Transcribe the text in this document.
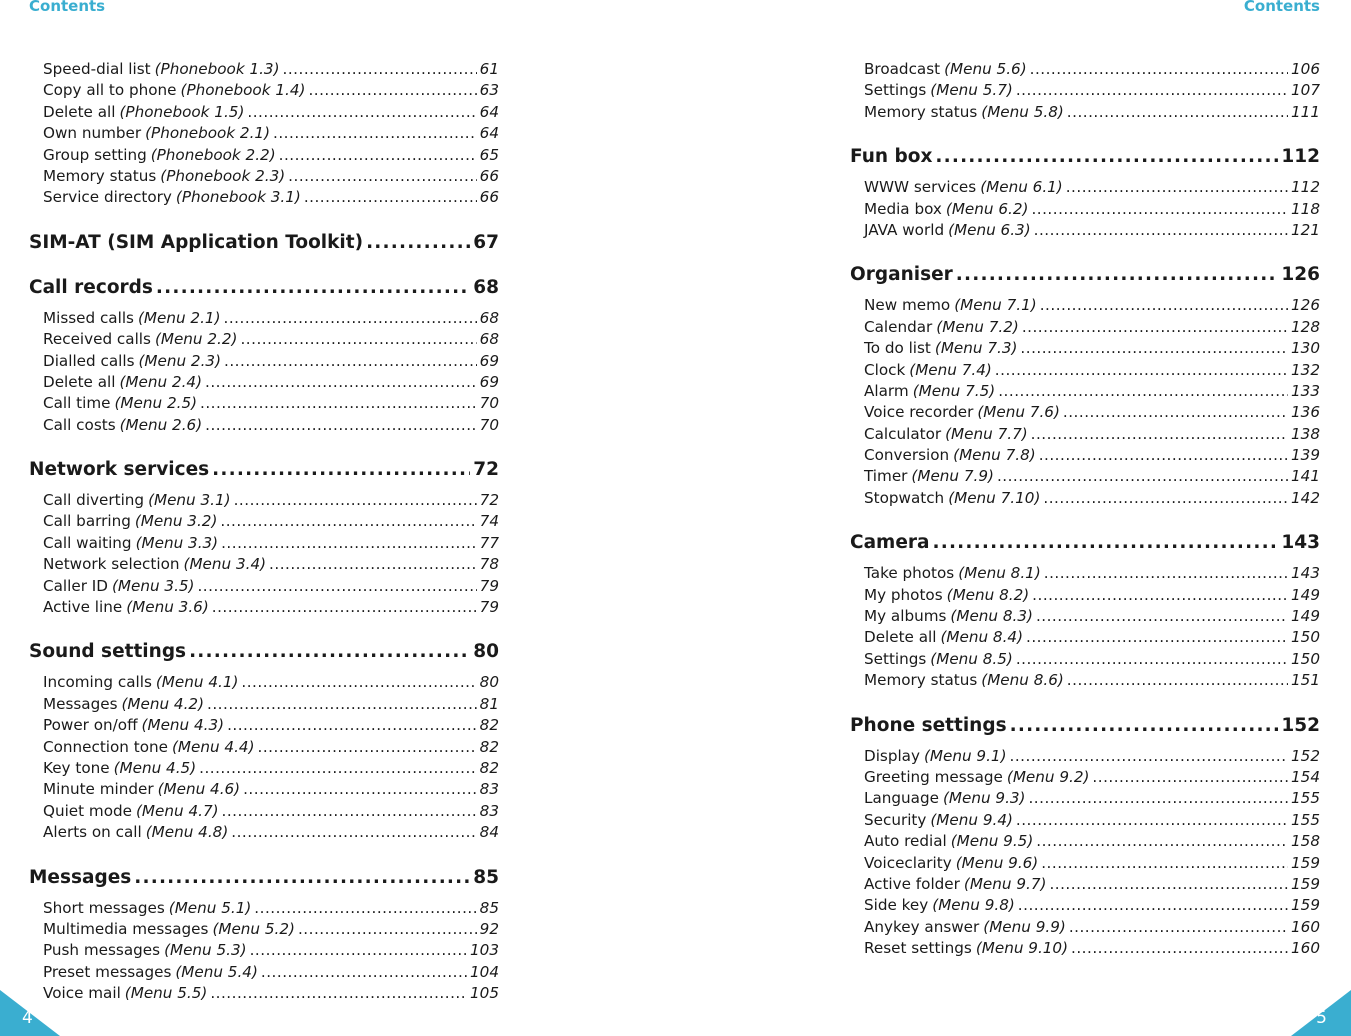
Contents	Contents
Speed-dial list (Phonebook 1.3) .....	61
Copy all to phone (Phonebook 1.4) .....	63
Delete all (Phonebook 1.5) .....	64
Own number (Phonebook 2.1) .....	64
Group setting (Phonebook 2.2) .....	65
Memory status (Phonebook 2.3) .....	66
Service directory (Phonebook 3.1) .....	66
SIM-AT (SIM Application Toolkit) .....	67
Call records .....	68
Missed calls (Menu 2.1) .....	68
Received calls (Menu 2.2) .....	68
Dialled calls (Menu 2.3) .....	69
Delete all (Menu 2.4) .....	69
Call time (Menu 2.5) .....	70
Call costs (Menu 2.6) .....	70
Network services .....	72
Call diverting (Menu 3.1) .....	72
Call barring (Menu 3.2) .....	74
Call waiting (Menu 3.3) .....	77
Network selection (Menu 3.4) .....	78
Caller ID (Menu 3.5) .....	79
Active line (Menu 3.6) .....	79
Sound settings .....	80
Incoming calls (Menu 4.1) .....	80
Messages (Menu 4.2) .....	81
Power on/off (Menu 4.3) .....	82
Connection tone (Menu 4.4) .....	82
Key tone (Menu 4.5) .....	82
Minute minder (Menu 4.6) .....	83
Quiet mode (Menu 4.7) .....	83
Alerts on call (Menu 4.8) .....	84
Messages .....	85
Short messages (Menu 5.1) .....	85
Multimedia messages (Menu 5.2) .....	92
Push messages (Menu 5.3) .....	103
Preset messages (Menu 5.4) .....	104
Voice mail (Menu 5.5) .....	105
Broadcast (Menu 5.6) .....	106
Settings (Menu 5.7) .....	107
Memory status (Menu 5.8) .....	111
Fun box .....	112
WWW services (Menu 6.1) .....	112
Media box (Menu 6.2) .....	118
JAVA world (Menu 6.3) .....	121
Organiser .....	126
New memo (Menu 7.1) .....	126
Calendar (Menu 7.2) .....	128
To do list (Menu 7.3) .....	130
Clock (Menu 7.4) .....	132
Alarm (Menu 7.5) .....	133
Voice recorder (Menu 7.6) .....	136
Calculator (Menu 7.7) .....	138
Conversion (Menu 7.8) .....	139
Timer (Menu 7.9) .....	141
Stopwatch (Menu 7.10) .....	142
Camera .....	143
Take photos (Menu 8.1) .....	143
My photos (Menu 8.2) .....	149
My albums (Menu 8.3) .....	149
Delete all (Menu 8.4) .....	150
Settings (Menu 8.5) .....	150
Memory status (Menu 8.6) .....	151
Phone settings .....	152
Display (Menu 9.1) .....	152
Greeting message (Menu 9.2) .....	154
Language (Menu 9.3) .....	155
Security (Menu 9.4) .....	155
Auto redial (Menu 9.5) .....	158
Voiceclarity (Menu 9.6) .....	159
Active folder (Menu 9.7) .....	159
Side key (Menu 9.8) .....	159
Anykey answer (Menu 9.9) .....	160
Reset settings (Menu 9.10) .....	160
4	5
